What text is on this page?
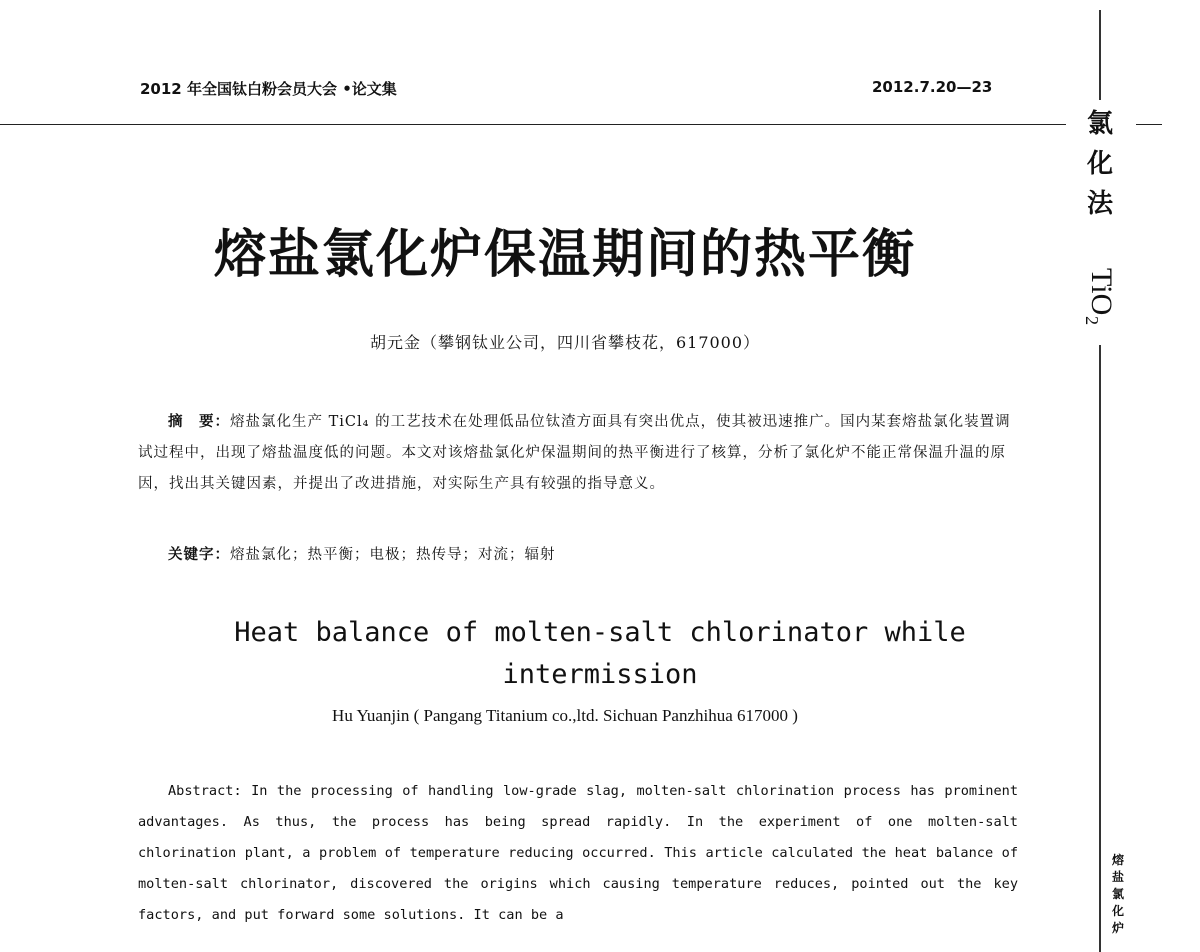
2012 年全国钛白粉会员大会 •论文集	2012.7.20—23
氯
化
法
TiO₂
熔
盐
氯
化
炉
熔盐氯化炉保温期间的热平衡
胡元金（攀钢钛业公司，四川省攀枝花，617000）
摘　要：熔盐氯化生产 TiCl₄ 的工艺技术在处理低品位钛渣方面具有突出优点，使其被迅速推广。国内某套熔盐氯化装置调试过程中，出现了熔盐温度低的问题。本文对该熔盐氯化炉保温期间的热平衡进行了核算，分析了氯化炉不能正常保温升温的原因，找出其关键因素，并提出了改进措施，对实际生产具有较强的指导意义。
关键字：熔盐氯化；热平衡；电极；热传导；对流；辐射
Heat balance of molten-salt chlorinator while intermission
Hu Yuanjin ( Pangang Titanium co.,ltd. Sichuan Panzhihua 617000 )
Abstract: In the processing of handling low-grade slag, molten-salt chlorination process has prominent advantages. As thus, the process has being spread rapidly. In the experiment of one molten-salt chlorination plant, a problem of temperature reducing occurred. This article calculated the heat balance of molten-salt chlorinator, discovered the origins which causing temperature reduces, pointed out the key factors, and put forward some solutions. It can be a
